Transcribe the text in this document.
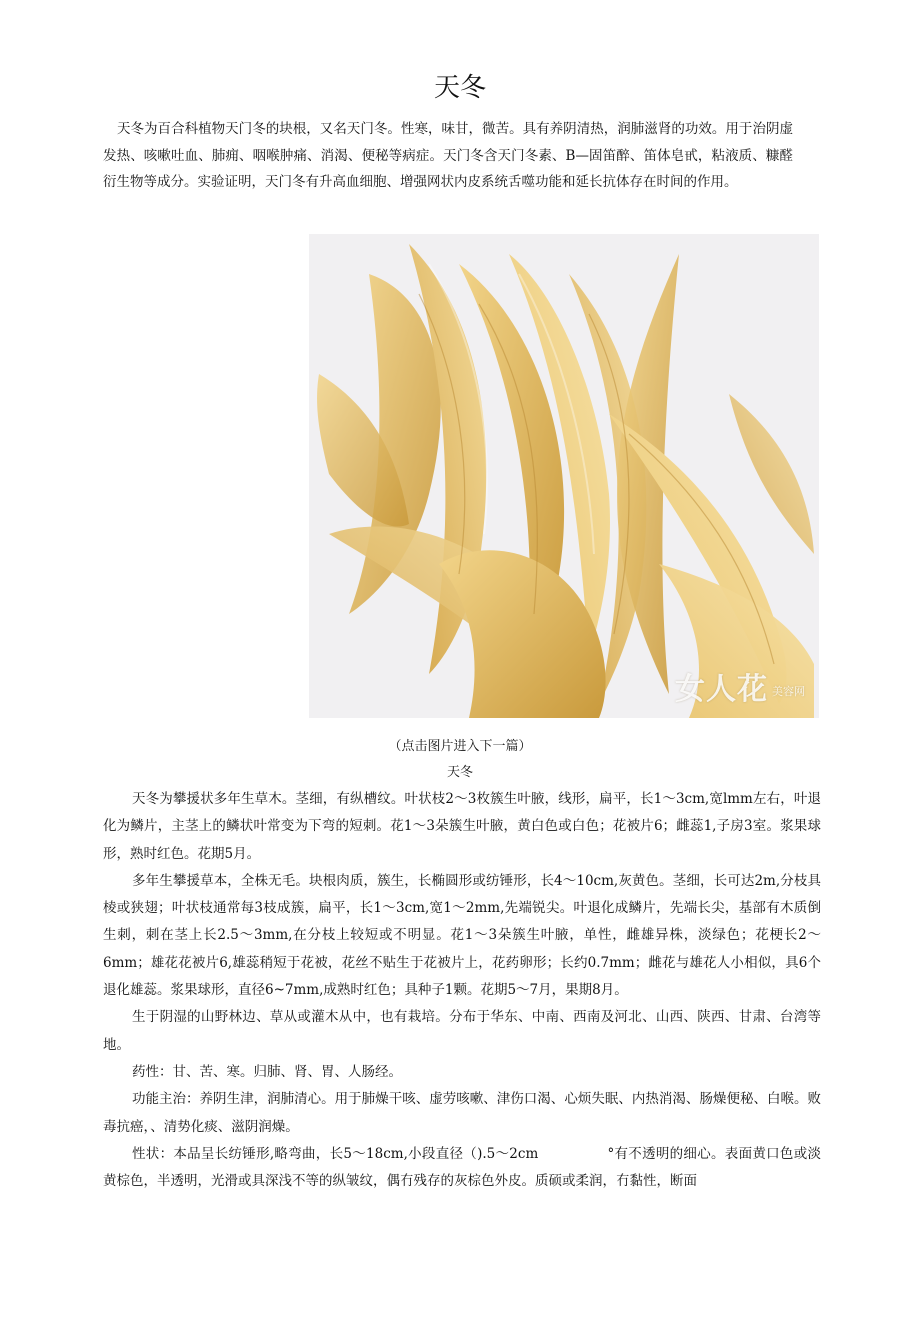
天冬

天冬为百合科植物天门冬的块根，又名天门冬。性寒，味甘，微苦。具有养阴清热，润肺滋肾的功效。用于治阴虚发热、咳嗽吐血、肺痈、咽喉肿痛、消渴、便秘等病症。天门冬含天门冬素、B—固笛醉、笛体皂甙，粘液质、糠醛衍生物等成分。实验证明，天门冬有升高血细胞、增强网状内皮系统舌噬功能和延长抗体存在时间的作用。

女人花 美容网
（点击图片进入下一篇）
天冬

天冬为攀援状多年生草木。茎细，有纵槽纹。叶状枝2～3枚簇生叶腋，线形，扁平，长1～3cm,宽lmm左右，叶退化为鳞片，主茎上的鳞状叶常变为下弯的短刺。花1～3朵簇生叶腋，黄白色或白色；花被片6；雌蕊1,子房3室。浆果球形，熟时红色。花期5月。

多年生攀援草本，全株无毛。块根肉质，簇生，长椭圆形或纺锤形，长4～10cm,灰黄色。茎细，长可达2m,分枝具棱或狭翅；叶状枝通常每3枝成簇，扁平，长1～3cm,宽1～2mm,先端锐尖。叶退化成鳞片，先端长尖，基部有木质倒生刺，刺在茎上长2.5～3mm,在分枝上较短或不明显。花1～3朵簇生叶腋，单性，雌雄异株，淡绿色；花梗长2～6mm；雄花花被片6,雄蕊稍短于花被，花丝不贴生于花被片上，花药卵形；长约0.7mm；雌花与雄花人小相似，具6个退化雄蕊。浆果球形，直径6~7mm,成熟时红色；具种子1颗。花期5～7月，果期8月。

生于阴湿的山野林边、草从或灌木从中，也有栽培。分布于华东、中南、西南及河北、山西、陕西、甘肃、台湾等地。

药性：甘、苦、寒。归肺、肾、胃、人肠经。

功能主治：养阴生津，润肺清心。用于肺燥干咳、虚劳咳嗽、津伤口渴、心烦失眠、内热消渴、肠燥便秘、白喉。败毒抗癌，、清势化痰、滋阴润燥。

性状：本品呈长纺锤形,略弯曲，长5～18cm,小段直径（).5～2cm　　　　　°有不透明的细心。表面黄口色或淡黄棕色，半透明，光滑或具深浅不等的纵皱纹，偶冇残存的灰棕色外皮。质硕或柔润，冇黏性，断面
